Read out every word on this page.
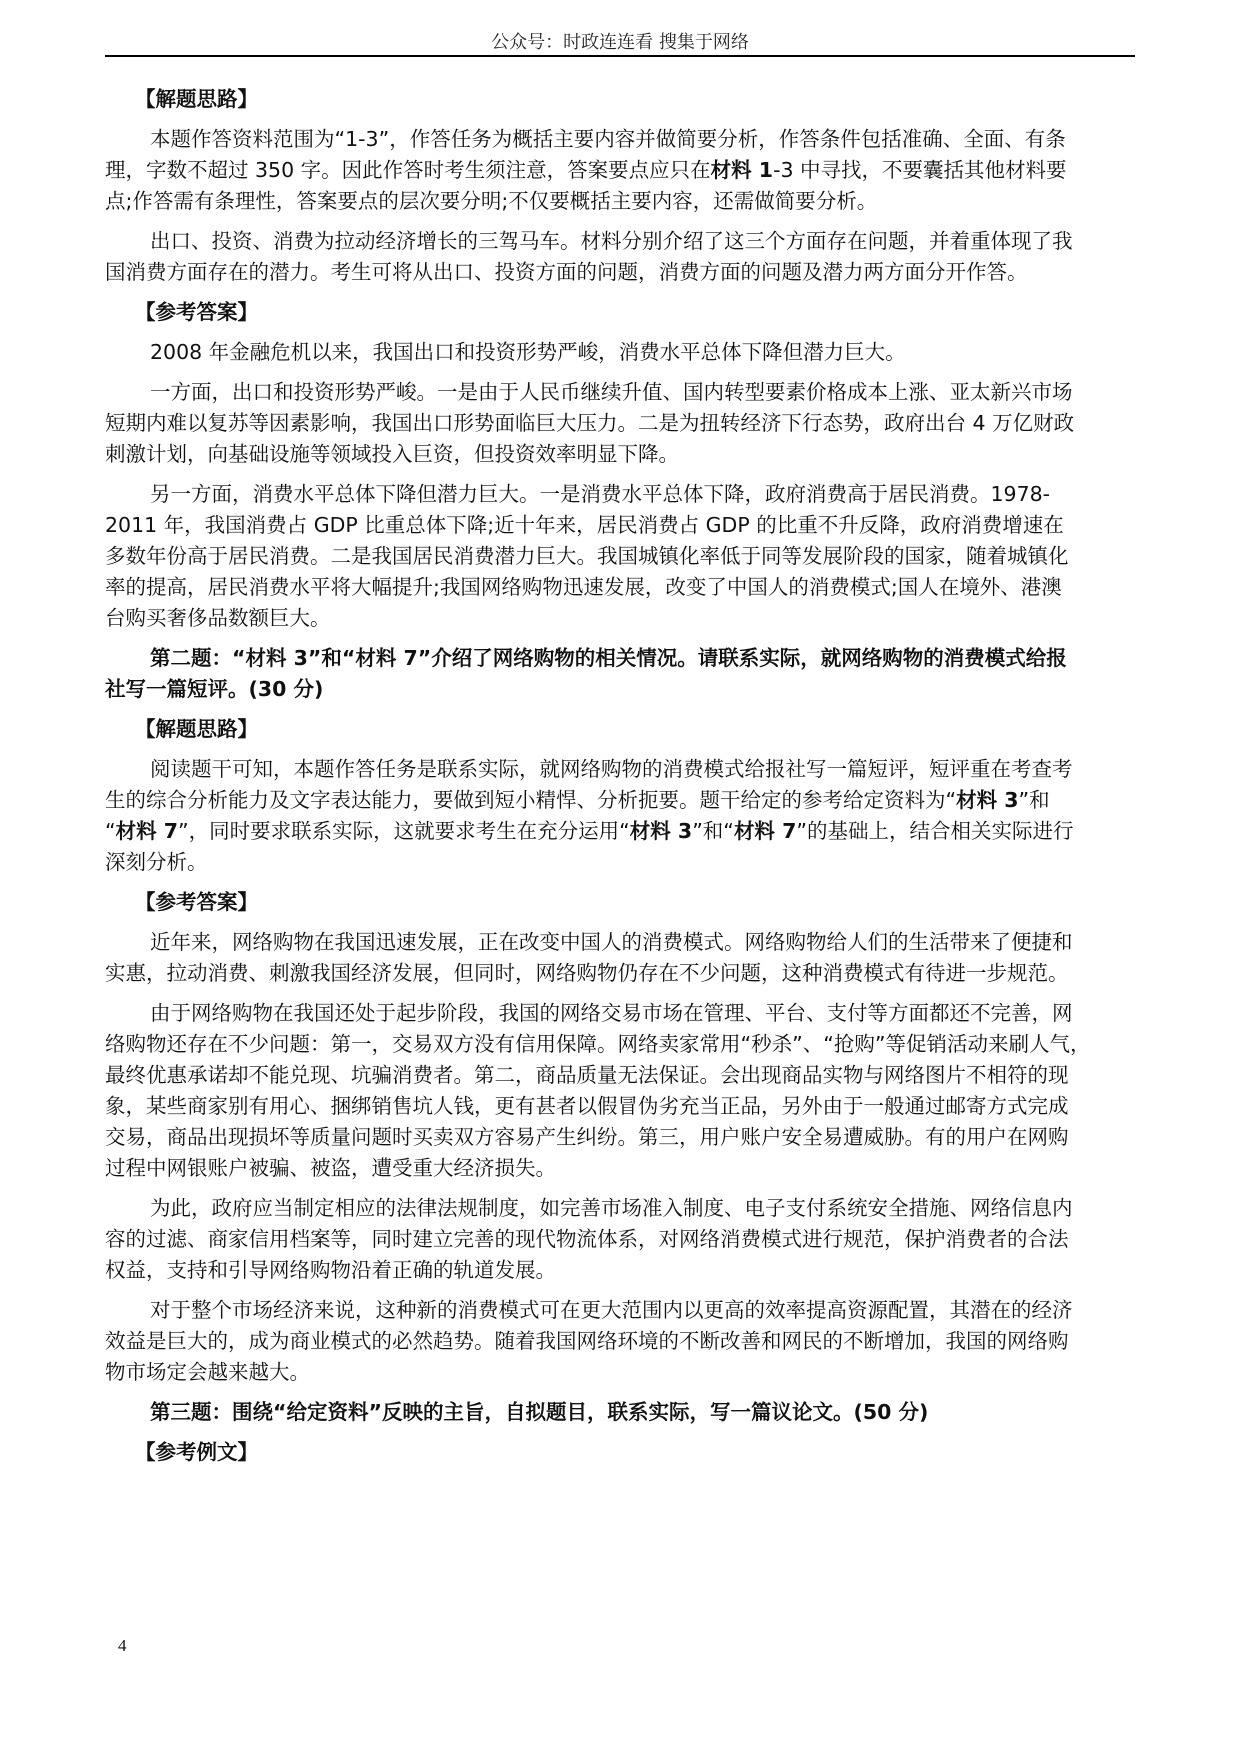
公众号：时政连连看 搜集于网络
【解题思路】
本题作答资料范围为“1-3”，作答任务为概括主要内容并做简要分析，作答条件包括准确、全面、有条
理，字数不超过 350 字。因此作答时考生须注意，答案要点应只在材料 1-3 中寻找，不要囊括其他材料要
点;作答需有条理性，答案要点的层次要分明;不仅要概括主要内容，还需做简要分析。
出口、投资、消费为拉动经济增长的三驾马车。材料分别介绍了这三个方面存在问题，并着重体现了我
国消费方面存在的潜力。考生可将从出口、投资方面的问题，消费方面的问题及潜力两方面分开作答。
【参考答案】
2008 年金融危机以来，我国出口和投资形势严峻，消费水平总体下降但潜力巨大。
一方面，出口和投资形势严峻。一是由于人民币继续升值、国内转型要素价格成本上涨、亚太新兴市场
短期内难以复苏等因素影响，我国出口形势面临巨大压力。二是为扭转经济下行态势，政府出台 4 万亿财政
刺激计划，向基础设施等领域投入巨资，但投资效率明显下降。
另一方面，消费水平总体下降但潜力巨大。一是消费水平总体下降，政府消费高于居民消费。1978-
2011 年，我国消费占 GDP 比重总体下降;近十年来，居民消费占 GDP 的比重不升反降，政府消费增速在
多数年份高于居民消费。二是我国居民消费潜力巨大。我国城镇化率低于同等发展阶段的国家，随着城镇化
率的提高，居民消费水平将大幅提升;我国网络购物迅速发展，改变了中国人的消费模式;国人在境外、港澳
台购买奢侈品数额巨大。
第二题：“材料 3”和“材料 7”介绍了网络购物的相关情况。请联系实际，就网络购物的消费模式给报
社写一篇短评。(30 分)
【解题思路】
阅读题干可知，本题作答任务是联系实际，就网络购物的消费模式给报社写一篇短评，短评重在考查考
生的综合分析能力及文字表达能力，要做到短小精悍、分析扼要。题干给定的参考给定资料为“材料 3”和
“材料 7”，同时要求联系实际，这就要求考生在充分运用“材料 3”和“材料 7”的基础上，结合相关实际进行
深刻分析。
【参考答案】
近年来，网络购物在我国迅速发展，正在改变中国人的消费模式。网络购物给人们的生活带来了便捷和
实惠，拉动消费、刺激我国经济发展，但同时，网络购物仍存在不少问题，这种消费模式有待进一步规范。
由于网络购物在我国还处于起步阶段，我国的网络交易市场在管理、平台、支付等方面都还不完善，网
络购物还存在不少问题：第一，交易双方没有信用保障。网络卖家常用“秒杀”、“抢购”等促销活动来刷人气，
最终优惠承诺却不能兑现、坑骗消费者。第二，商品质量无法保证。会出现商品实物与网络图片不相符的现
象，某些商家别有用心、捆绑销售坑人钱，更有甚者以假冒伪劣充当正品，另外由于一般通过邮寄方式完成
交易，商品出现损坏等质量问题时买卖双方容易产生纠纷。第三，用户账户安全易遭威胁。有的用户在网购
过程中网银账户被骗、被盗，遭受重大经济损失。
为此，政府应当制定相应的法律法规制度，如完善市场准入制度、电子支付系统安全措施、网络信息内
容的过滤、商家信用档案等，同时建立完善的现代物流体系，对网络消费模式进行规范，保护消费者的合法
权益，支持和引导网络购物沿着正确的轨道发展。
对于整个市场经济来说，这种新的消费模式可在更大范围内以更高的效率提高资源配置，其潜在的经济
效益是巨大的，成为商业模式的必然趋势。随着我国网络环境的不断改善和网民的不断增加，我国的网络购
物市场定会越来越大。
第三题：围绕“给定资料”反映的主旨，自拟题目，联系实际，写一篇议论文。(50 分)
【参考例文】
4
